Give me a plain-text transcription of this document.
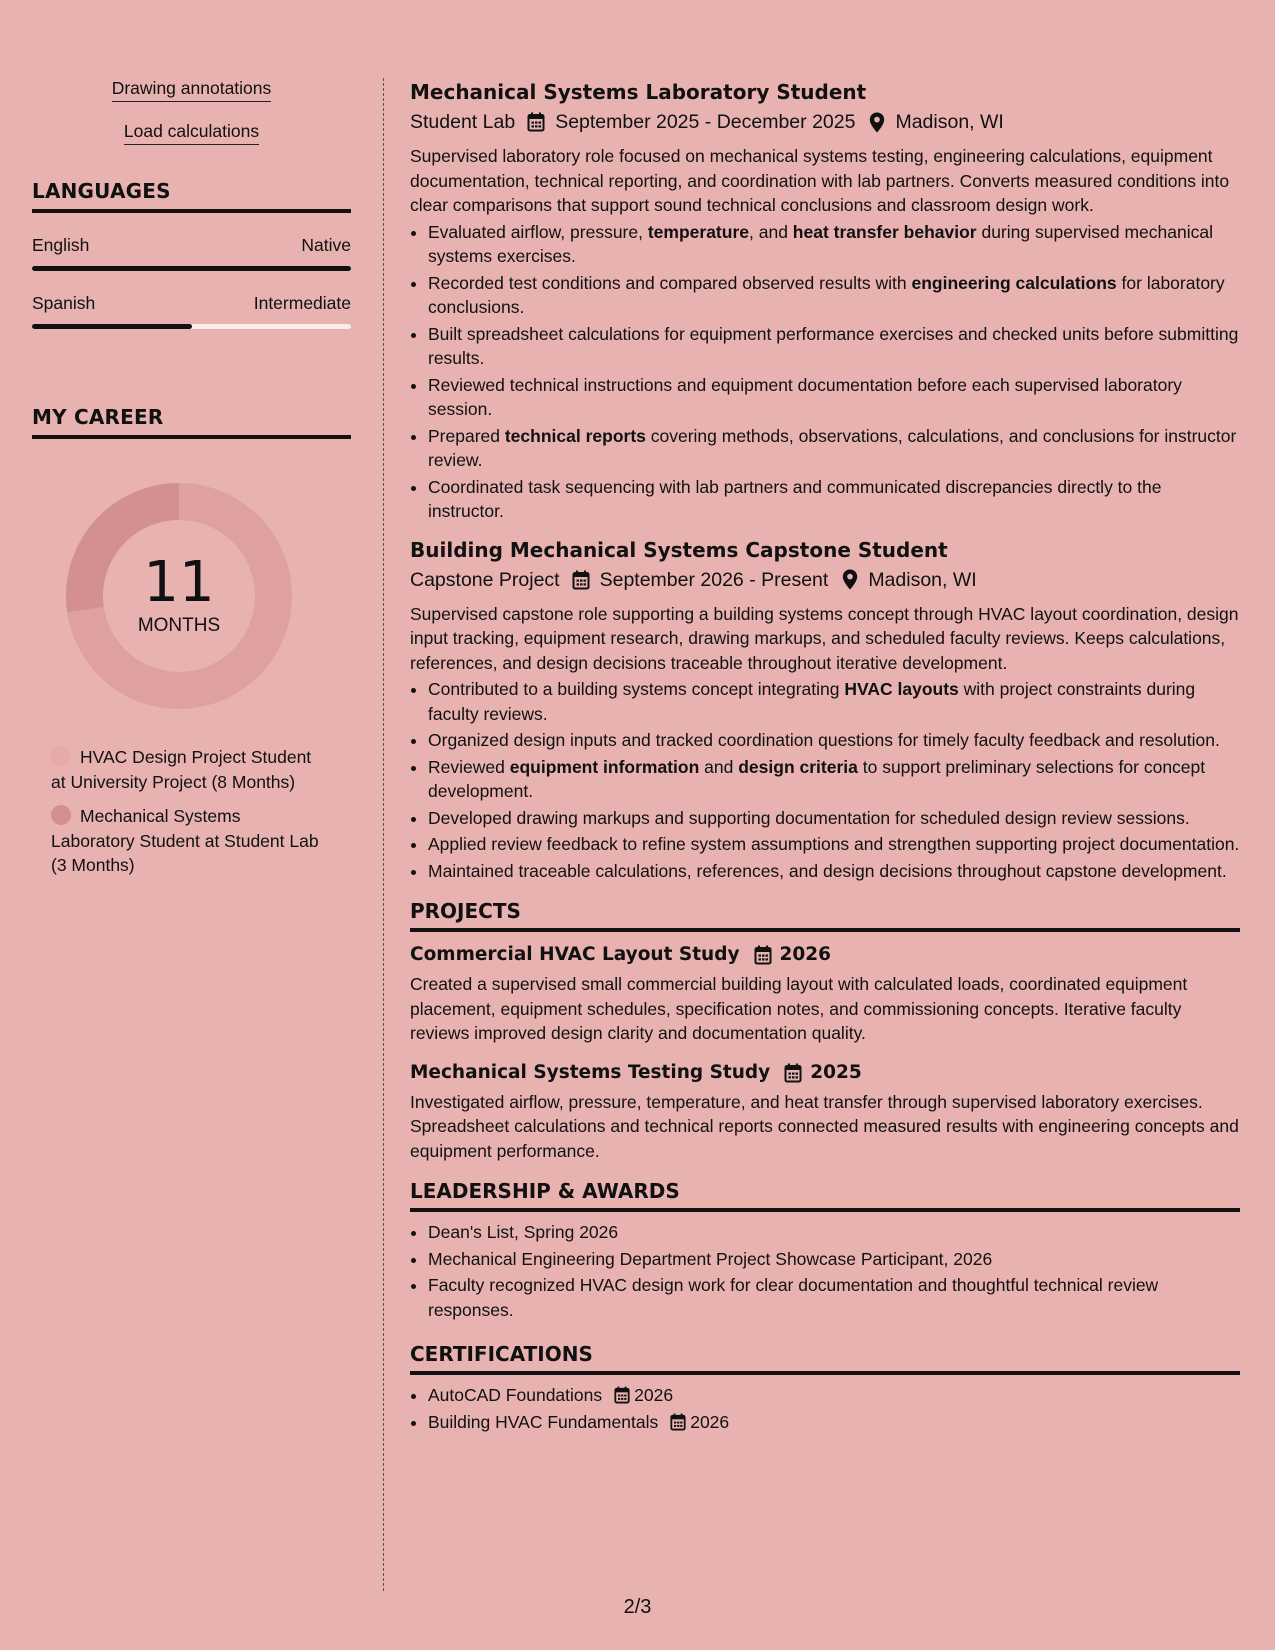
Drawing annotations
Load calculations
LANGUAGES
English	Native
Spanish	Intermediate
MY CAREER
11
MONTHS
HVAC Design Project Student at University Project (8 Months)
Mechanical Systems Laboratory Student at Student Lab (3 Months)
Mechanical Systems Laboratory Student
Student Lab September 2025 - December 2025 Madison, WI
Supervised laboratory role focused on mechanical systems testing, engineering calculations, equipment documentation, technical reporting, and coordination with lab partners. Converts measured conditions into clear comparisons that support sound technical conclusions and classroom design work.
• Evaluated airflow, pressure, temperature, and heat transfer behavior during supervised mechanical systems exercises.
• Recorded test conditions and compared observed results with engineering calculations for laboratory conclusions.
• Built spreadsheet calculations for equipment performance exercises and checked units before submitting results.
• Reviewed technical instructions and equipment documentation before each supervised laboratory session.
• Prepared technical reports covering methods, observations, calculations, and conclusions for instructor review.
• Coordinated task sequencing with lab partners and communicated discrepancies directly to the instructor.
Building Mechanical Systems Capstone Student
Capstone Project September 2026 - Present Madison, WI
Supervised capstone role supporting a building systems concept through HVAC layout coordination, design input tracking, equipment research, drawing markups, and scheduled faculty reviews. Keeps calculations, references, and design decisions traceable throughout iterative development.
• Contributed to a building systems concept integrating HVAC layouts with project constraints during faculty reviews.
• Organized design inputs and tracked coordination questions for timely faculty feedback and resolution.
• Reviewed equipment information and design criteria to support preliminary selections for concept development.
• Developed drawing markups and supporting documentation for scheduled design review sessions.
• Applied review feedback to refine system assumptions and strengthen supporting project documentation.
• Maintained traceable calculations, references, and design decisions throughout capstone development.
PROJECTS
Commercial HVAC Layout Study 2026
Created a supervised small commercial building layout with calculated loads, coordinated equipment placement, equipment schedules, specification notes, and commissioning concepts. Iterative faculty reviews improved design clarity and documentation quality.
Mechanical Systems Testing Study 2025
Investigated airflow, pressure, temperature, and heat transfer through supervised laboratory exercises. Spreadsheet calculations and technical reports connected measured results with engineering concepts and equipment performance.
LEADERSHIP & AWARDS
• Dean's List, Spring 2026
• Mechanical Engineering Department Project Showcase Participant, 2026
• Faculty recognized HVAC design work for clear documentation and thoughtful technical review responses.
CERTIFICATIONS
• AutoCAD Foundations 2026
• Building HVAC Fundamentals 2026
2/3
